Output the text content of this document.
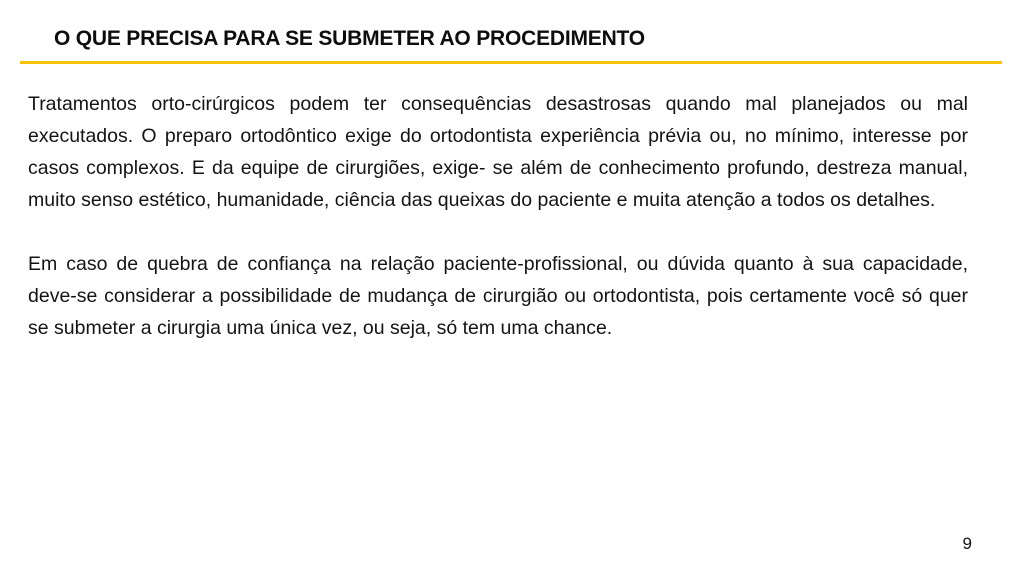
O QUE PRECISA PARA SE SUBMETER AO PROCEDIMENTO

Tratamentos orto-cirúrgicos podem ter consequências desastrosas quando mal planejados ou mal executados. O preparo ortodôntico exige do ortodontista experiência prévia ou, no mínimo, interesse por casos complexos. E da equipe de cirurgiões, exige- se além de conhecimento profundo, destreza manual, muito senso estético, humanidade, ciência das queixas do paciente e muita atenção a todos os detalhes.

Em caso de quebra de confiança na relação paciente-profissional, ou dúvida quanto à sua capacidade, deve-se considerar a possibilidade de mudança de cirurgião ou ortodontista, pois certamente você só quer se submeter a cirurgia uma única vez, ou seja, só tem uma chance.

9
